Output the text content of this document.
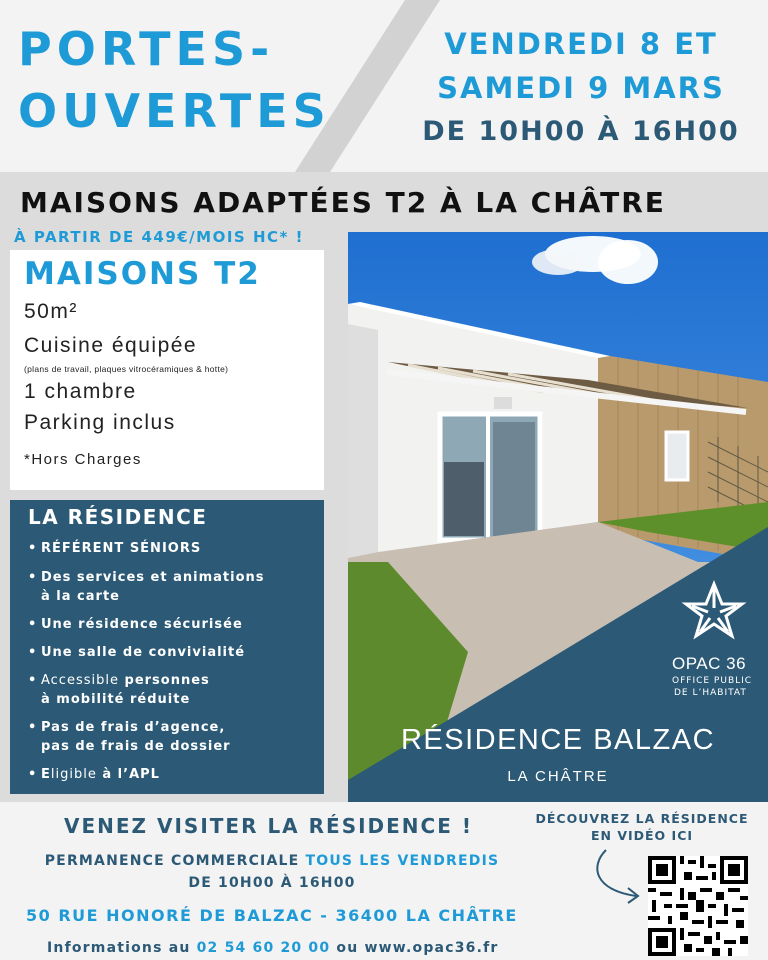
PORTES-
OUVERTES
VENDREDI 8 ET
SAMEDI 9 MARS
DE 10H00 À 16H00
MAISONS ADAPTÉES T2 À LA CHÂTRE
À PARTIR DE 449€/MOIS HC* !
MAISONS T2
50m²
Cuisine équipée
(plans de travail, plaques vitrocéramiques & hotte)
1 chambre
Parking inclus
*Hors Charges
LA RÉSIDENCE
• RÉFÉRENT SÉNIORS
• Des services et animations
à la carte
• Une résidence sécurisée
• Une salle de convivialité
• Accessible personnes
à mobilité réduite
• Pas de frais d’agence,
pas de frais de dossier
• Eligible à l’APL
OPAC 36
OFFICE PUBLIC
DE L’HABITAT
RÉSIDENCE BALZAC
LA CHÂTRE
VENEZ VISITER LA RÉSIDENCE !
PERMANENCE COMMERCIALE TOUS LES VENDREDIS
DE 10H00 À 16H00
50 RUE HONORÉ DE BALZAC - 36400 LA CHÂTRE
Informations au 02 54 60 20 00 ou www.opac36.fr
DÉCOUVREZ LA RÉSIDENCE
EN VIDÉO ICI
